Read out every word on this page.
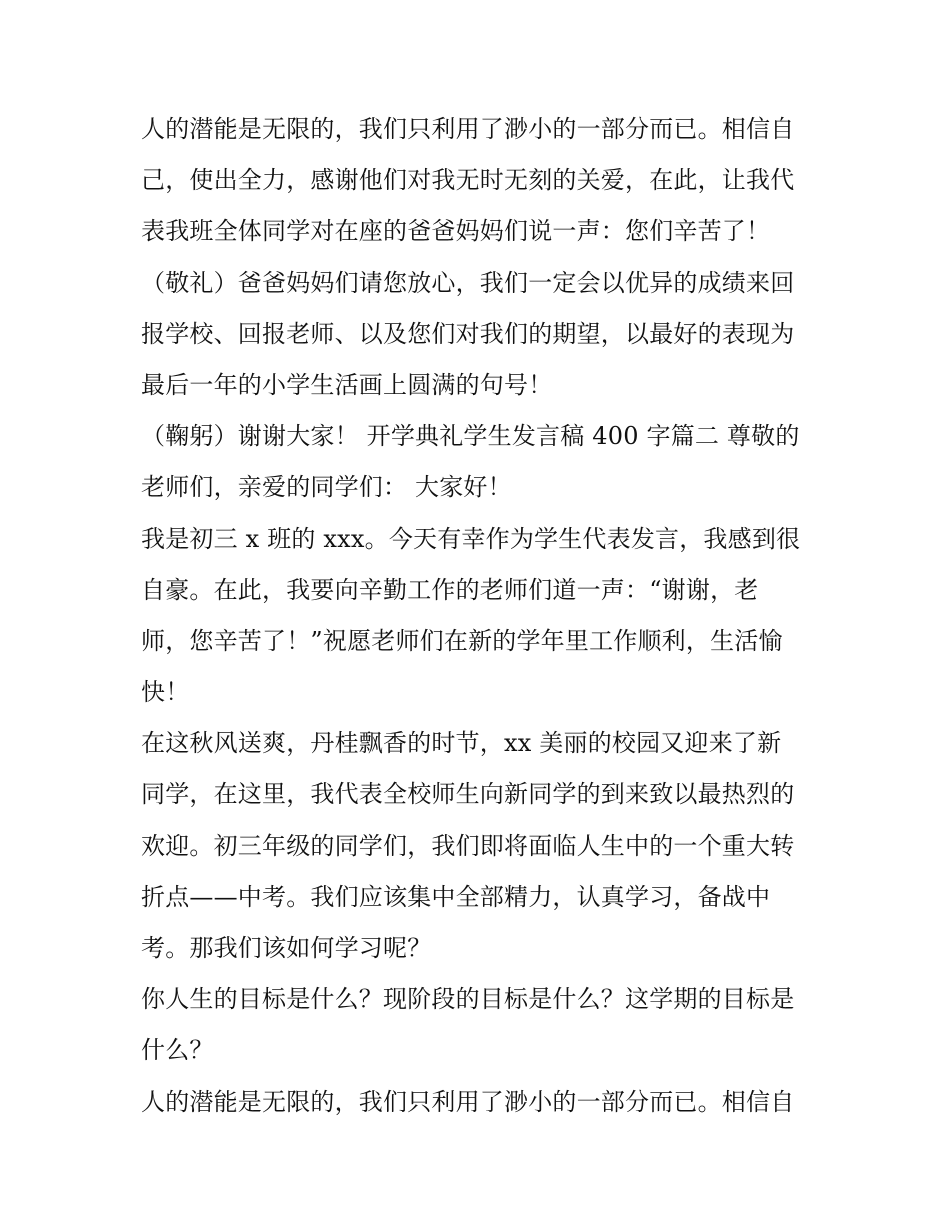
人的潜能是无限的，我们只利用了渺小的一部分而已。相信自
己，使出全力，感谢他们对我无时无刻的关爱，在此，让我代
表我班全体同学对在座的爸爸妈妈们说一声：您们辛苦了！
（敬礼）爸爸妈妈们请您放心，我们一定会以优异的成绩来回
报学校、回报老师、以及您们对我们的期望，以最好的表现为
最后一年的小学生活画上圆满的句号！
（鞠躬）谢谢大家！ 开学典礼学生发言稿 400 字篇二 尊敬的
老师们，亲爱的同学们： 大家好！
我是初三 x 班的 xxx。今天有幸作为学生代表发言，我感到很
自豪。在此，我要向辛勤工作的老师们道一声：“谢谢，老
师，您辛苦了！”祝愿老师们在新的学年里工作顺利，生活愉
快！
在这秋风送爽，丹桂飘香的时节，xx 美丽的校园又迎来了新
同学，在这里，我代表全校师生向新同学的到来致以最热烈的
欢迎。初三年级的同学们，我们即将面临人生中的一个重大转
折点——中考。我们应该集中全部精力，认真学习，备战中
考。那我们该如何学习呢？
你人生的目标是什么？现阶段的目标是什么？这学期的目标是
什么？
人的潜能是无限的，我们只利用了渺小的一部分而已。相信自
